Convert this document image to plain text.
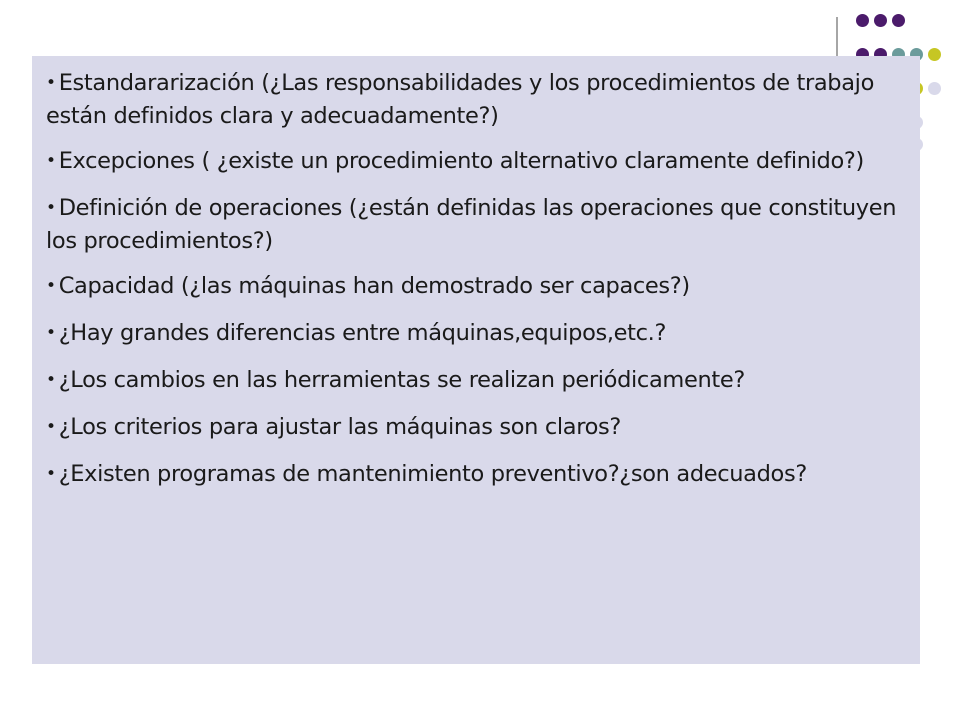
• Estandararización (¿Las responsabilidades y los procedimientos de trabajo están definidos clara y adecuadamente?)
• Excepciones ( ¿existe un procedimiento alternativo claramente definido?)
• Definición de operaciones (¿están definidas las operaciones que constituyen los procedimientos?)
• Capacidad (¿las máquinas han demostrado ser capaces?)
• ¿Hay grandes diferencias entre máquinas,equipos,etc.?
• ¿Los cambios en las herramientas se realizan periódicamente?
• ¿Los criterios para ajustar las máquinas son claros?
• ¿Existen programas de mantenimiento preventivo?¿son adecuados?
